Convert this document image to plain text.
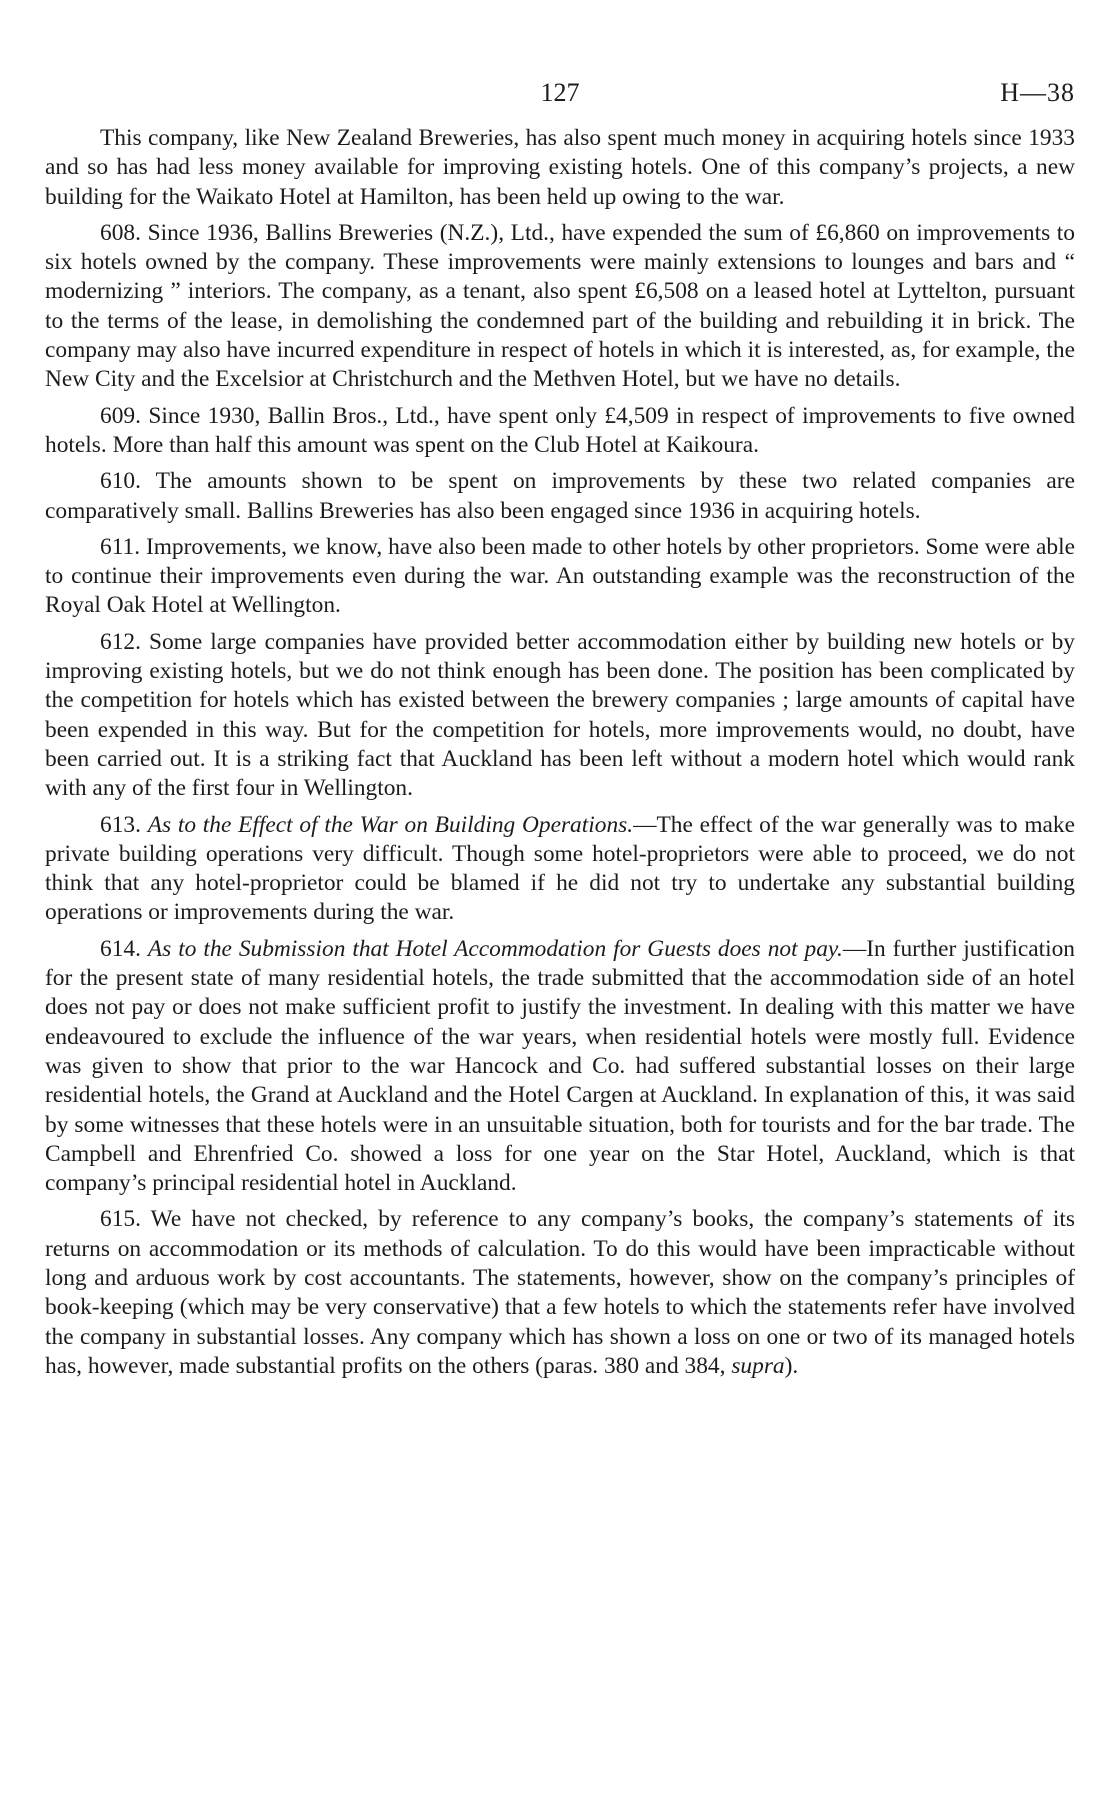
127	H—38

This company, like New Zealand Breweries, has also spent much money in acquiring hotels since 1933 and so has had less money available for improving existing hotels. One of this company’s projects, a new building for the Waikato Hotel at Hamilton, has been held up owing to the war.

608. Since 1936, Ballins Breweries (N.Z.), Ltd., have expended the sum of £6,860 on improvements to six hotels owned by the company. These improvements were mainly extensions to lounges and bars and “ modernizing ” interiors. The company, as a tenant, also spent £6,508 on a leased hotel at Lyttelton, pursuant to the terms of the lease, in demolishing the condemned part of the building and rebuilding it in brick. The company may also have incurred expenditure in respect of hotels in which it is interested, as, for example, the New City and the Excelsior at Christchurch and the Methven Hotel, but we have no details.

609. Since 1930, Ballin Bros., Ltd., have spent only £4,509 in respect of improvements to five owned hotels. More than half this amount was spent on the Club Hotel at Kaikoura.

610. The amounts shown to be spent on improvements by these two related companies are comparatively small. Ballins Breweries has also been engaged since 1936 in acquiring hotels.

611. Improvements, we know, have also been made to other hotels by other proprietors. Some were able to continue their improvements even during the war. An outstanding example was the reconstruction of the Royal Oak Hotel at Wellington.

612. Some large companies have provided better accommodation either by building new hotels or by improving existing hotels, but we do not think enough has been done. The position has been complicated by the competition for hotels which has existed between the brewery companies ; large amounts of capital have been expended in this way. But for the competition for hotels, more improvements would, no doubt, have been carried out. It is a striking fact that Auckland has been left without a modern hotel which would rank with any of the first four in Wellington.

613. As to the Effect of the War on Building Operations.—The effect of the war generally was to make private building operations very difficult. Though some hotel-proprietors were able to proceed, we do not think that any hotel-proprietor could be blamed if he did not try to undertake any substantial building operations or improvements during the war.

614. As to the Submission that Hotel Accommodation for Guests does not pay.—In further justification for the present state of many residential hotels, the trade submitted that the accommodation side of an hotel does not pay or does not make sufficient profit to justify the investment. In dealing with this matter we have endeavoured to exclude the influence of the war years, when residential hotels were mostly full. Evidence was given to show that prior to the war Hancock and Co. had suffered substantial losses on their large residential hotels, the Grand at Auckland and the Hotel Cargen at Auckland. In explanation of this, it was said by some witnesses that these hotels were in an unsuitable situation, both for tourists and for the bar trade. The Campbell and Ehrenfried Co. showed a loss for one year on the Star Hotel, Auckland, which is that company’s principal residential hotel in Auckland.

615. We have not checked, by reference to any company’s books, the company’s statements of its returns on accommodation or its methods of calculation. To do this would have been impracticable without long and arduous work by cost accountants. The statements, however, show on the company’s principles of book-keeping (which may be very conservative) that a few hotels to which the statements refer have involved the company in substantial losses. Any company which has shown a loss on one or two of its managed hotels has, however, made substantial profits on the others (paras. 380 and 384, supra).
